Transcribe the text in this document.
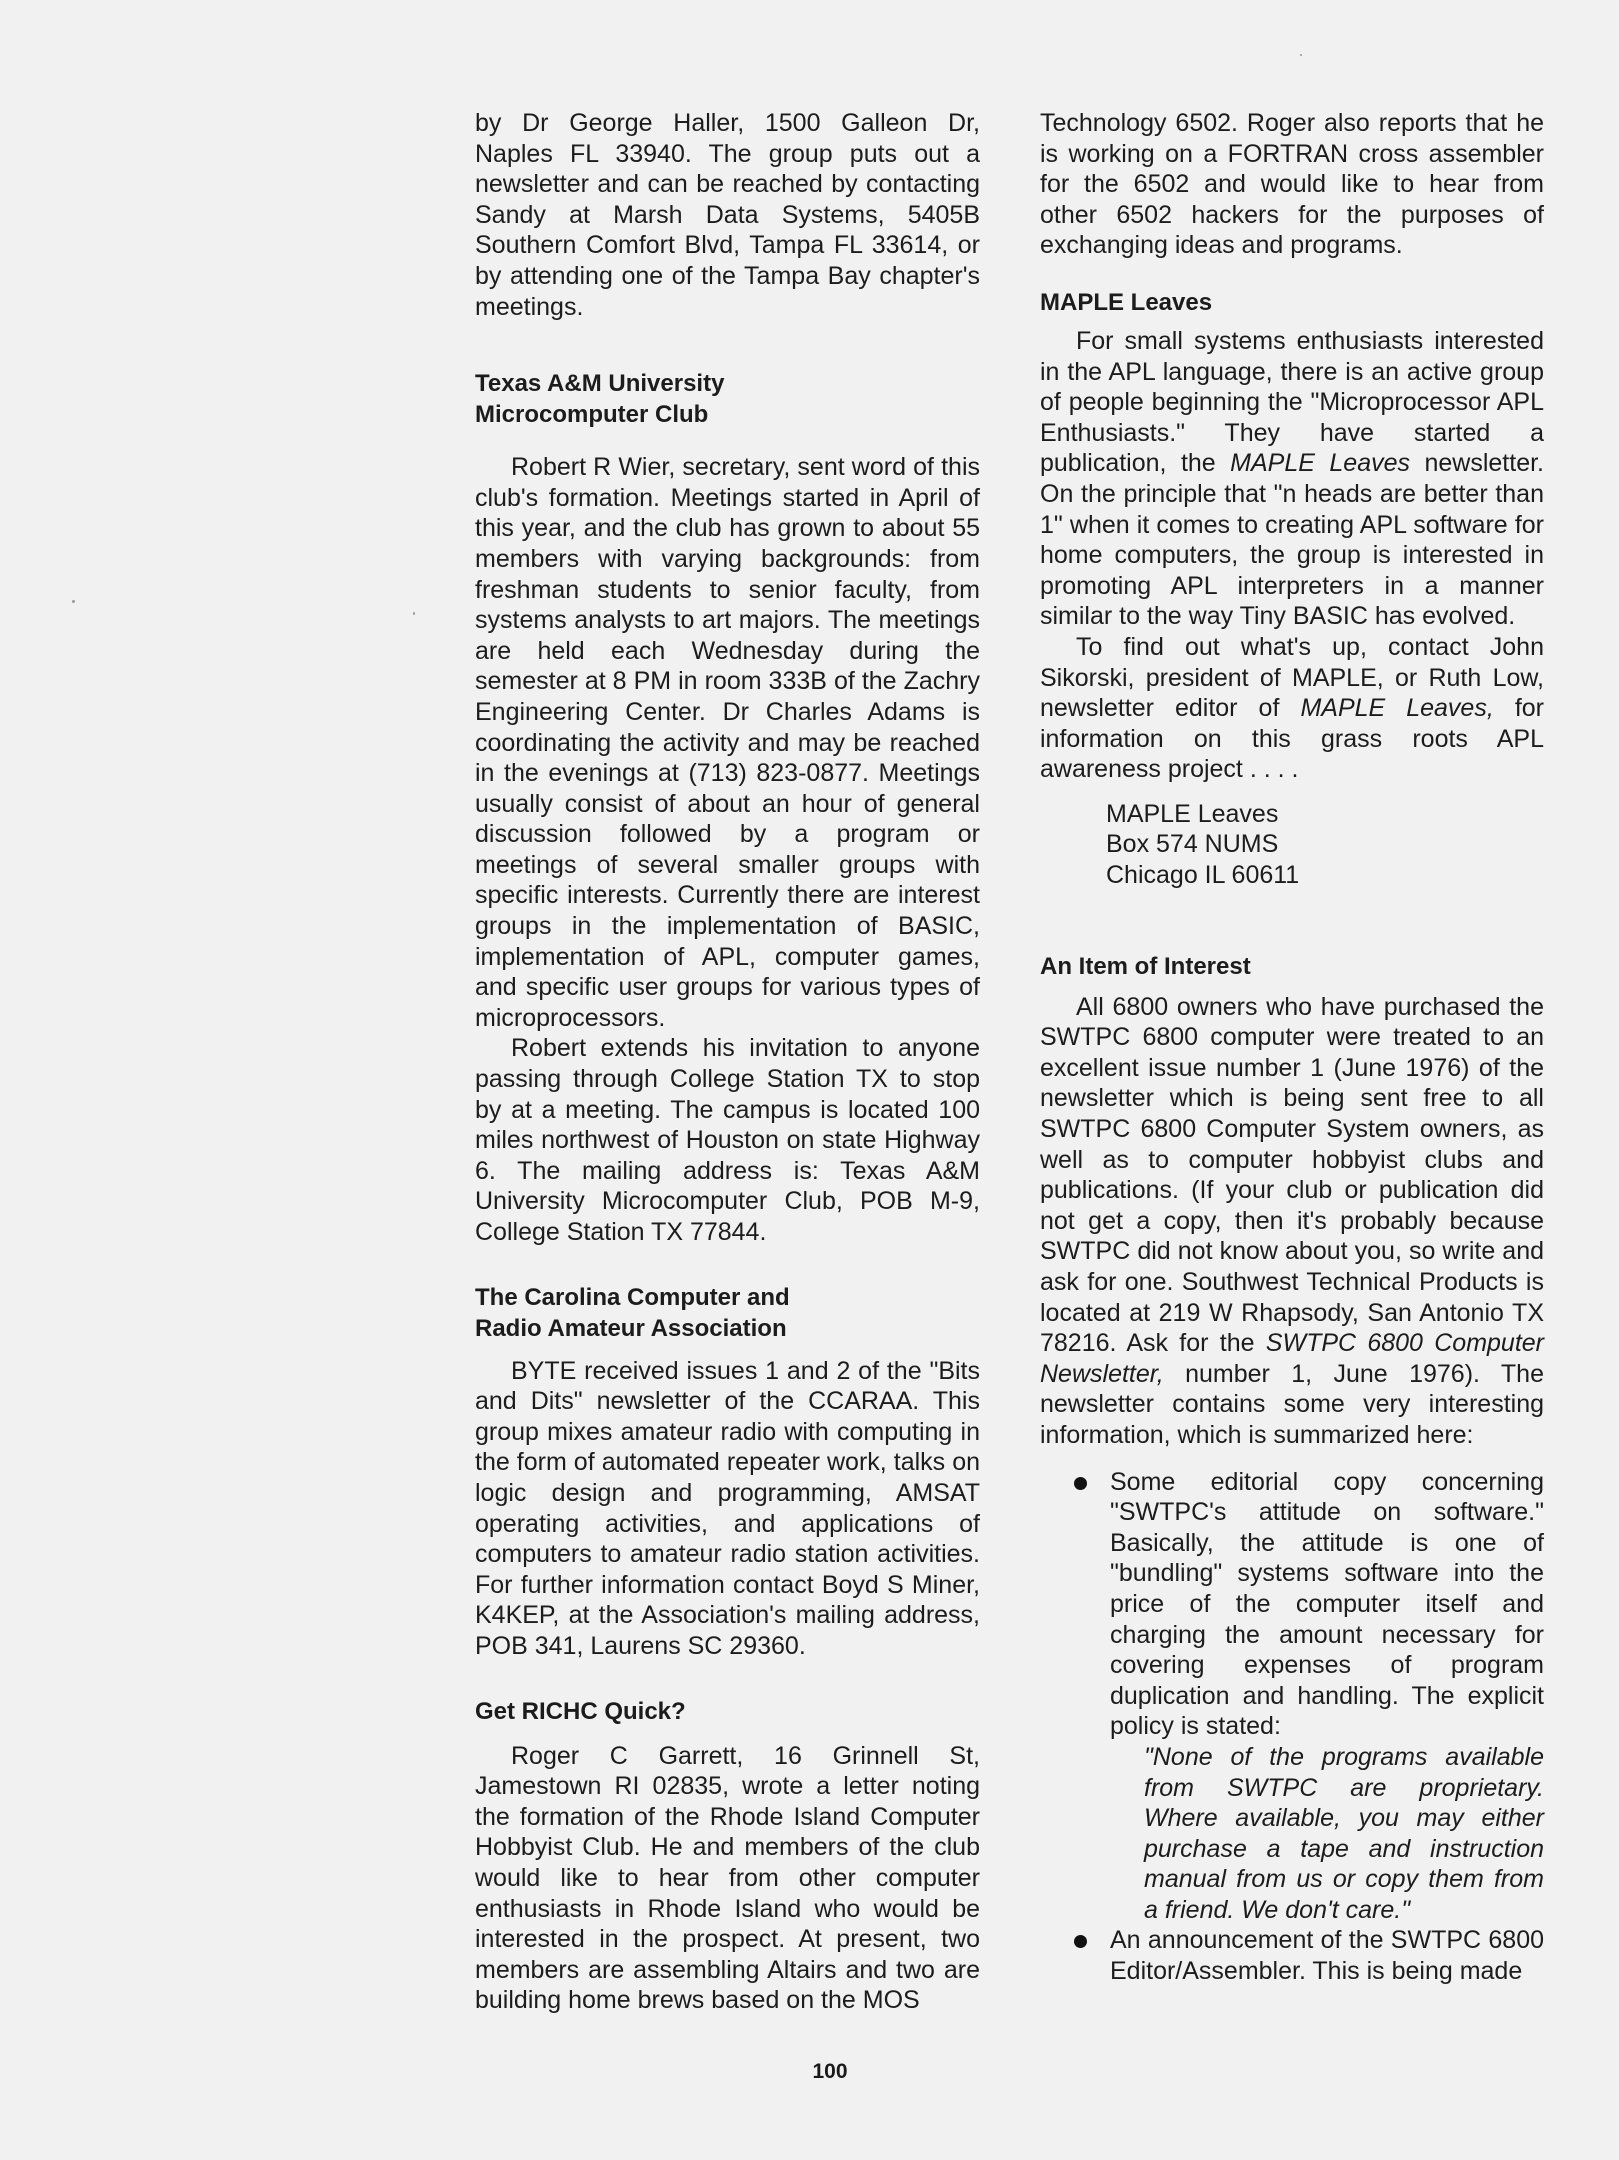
by Dr George Haller, 1500 Galleon Dr, Naples FL 33940. The group puts out a newsletter and can be reached by contacting Sandy at Marsh Data Systems, 5405B Southern Comfort Blvd, Tampa FL 33614, or by attending one of the Tampa Bay chapter's meetings.

Texas A&M University
Microcomputer Club

Robert R Wier, secretary, sent word of this club's formation. Meetings started in April of this year, and the club has grown to about 55 members with varying backgrounds: from freshman students to senior faculty, from systems analysts to art majors. The meetings are held each Wednesday during the semester at 8 PM in room 333B of the Zachry Engineering Center. Dr Charles Adams is coordinating the activity and may be reached in the evenings at (713) 823-0877. Meetings usually consist of about an hour of general discussion followed by a program or meetings of several smaller groups with specific interests. Currently there are interest groups in the implementation of BASIC, implementation of APL, computer games, and specific user groups for various types of microprocessors.

Robert extends his invitation to anyone passing through College Station TX to stop by at a meeting. The campus is located 100 miles northwest of Houston on state Highway 6. The mailing address is: Texas A&M University Microcomputer Club, POB M-9, College Station TX 77844.

The Carolina Computer and
Radio Amateur Association

BYTE received issues 1 and 2 of the "Bits and Dits" newsletter of the CCARAA. This group mixes amateur radio with computing in the form of automated repeater work, talks on logic design and programming, AMSAT operating activities, and applications of computers to amateur radio station activities. For further information contact Boyd S Miner, K4KEP, at the Association's mailing address, POB 341, Laurens SC 29360.

Get RICHC Quick?

Roger C Garrett, 16 Grinnell St, Jamestown RI 02835, wrote a letter noting the formation of the Rhode Island Computer Hobbyist Club. He and members of the club would like to hear from other computer enthusiasts in Rhode Island who would be interested in the prospect. At present, two members are assembling Altairs and two are building home brews based on the MOS

Technology 6502. Roger also reports that he is working on a FORTRAN cross assembler for the 6502 and would like to hear from other 6502 hackers for the purposes of exchanging ideas and programs.

MAPLE Leaves

For small systems enthusiasts interested in the APL language, there is an active group of people beginning the "Microprocessor APL Enthusiasts." They have started a publication, the MAPLE Leaves newsletter. On the principle that "n heads are better than 1" when it comes to creating APL software for home computers, the group is interested in promoting APL interpreters in a manner similar to the way Tiny BASIC has evolved.

To find out what's up, contact John Sikorski, president of MAPLE, or Ruth Low, newsletter editor of MAPLE Leaves, for information on this grass roots APL awareness project . . . .

MAPLE Leaves
Box 574 NUMS
Chicago IL 60611
An Item of Interest

All 6800 owners who have purchased the SWTPC 6800 computer were treated to an excellent issue number 1 (June 1976) of the newsletter which is being sent free to all SWTPC 6800 Computer System owners, as well as to computer hobbyist clubs and publications. (If your club or publication did not get a copy, then it's probably because SWTPC did not know about you, so write and ask for one. Southwest Technical Products is located at 219 W Rhapsody, San Antonio TX 78216. Ask for the SWTPC 6800 Computer Newsletter, number 1, June 1976). The newsletter contains some very interesting information, which is summarized here:

Some editorial copy concerning "SWTPC's attitude on software." Basically, the attitude is one of "bundling" systems software into the price of the computer itself and charging the amount necessary for covering expenses of program duplication and handling. The explicit policy is stated:
"None of the programs available from SWTPC are proprietary. Where available, you may either purchase a tape and instruction manual from us or copy them from a friend. We don't care."
An announcement of the SWTPC 6800 Editor/Assembler. This is being made
100
